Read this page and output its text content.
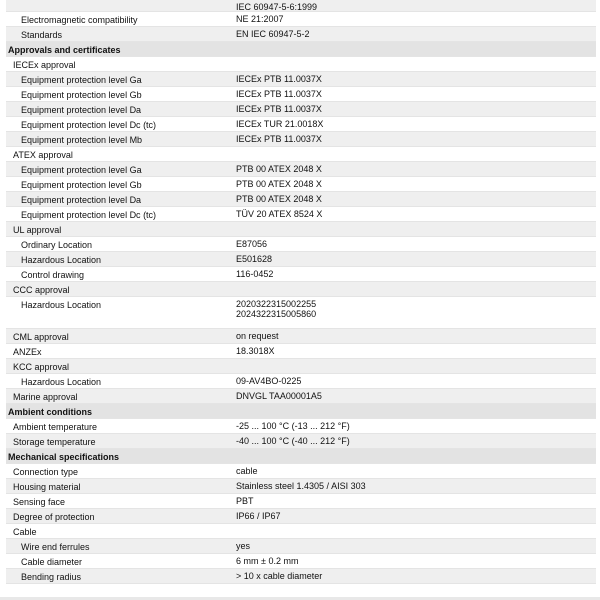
IEC 60947-5-6:1999
Electromagnetic compatibility	NE 21:2007
Standards	EN IEC 60947-5-2
Approvals and certificates
IECEx approval
Equipment protection level Ga	IECEx PTB 11.0037X
Equipment protection level Gb	IECEx PTB 11.0037X
Equipment protection level Da	IECEx PTB 11.0037X
Equipment protection level Dc (tc)	IECEx TUR 21.0018X
Equipment protection level Mb	IECEx PTB 11.0037X
ATEX approval
Equipment protection level Ga	PTB 00 ATEX 2048 X
Equipment protection level Gb	PTB 00 ATEX 2048 X
Equipment protection level Da	PTB 00 ATEX 2048 X
Equipment protection level Dc (tc)	TÜV 20 ATEX 8524 X
UL approval
Ordinary Location	E87056
Hazardous Location	E501628
Control drawing	116-0452
CCC approval
Hazardous Location	2020322315002255
2024322315005860
CML approval	on request
ANZEx	18.3018X
KCC approval
Hazardous Location	09-AV4BO-0225
Marine approval	DNVGL TAA00001A5
Ambient conditions
Ambient temperature	-25 ... 100 °C (-13 ... 212 °F)
Storage temperature	-40 ... 100 °C (-40 ... 212 °F)
Mechanical specifications
Connection type	cable
Housing material	Stainless steel 1.4305 / AISI 303
Sensing face	PBT
Degree of protection	IP66 / IP67
Cable
Wire end ferrules	yes
Cable diameter	6 mm ± 0.2 mm
Bending radius	> 10 x cable diameter
